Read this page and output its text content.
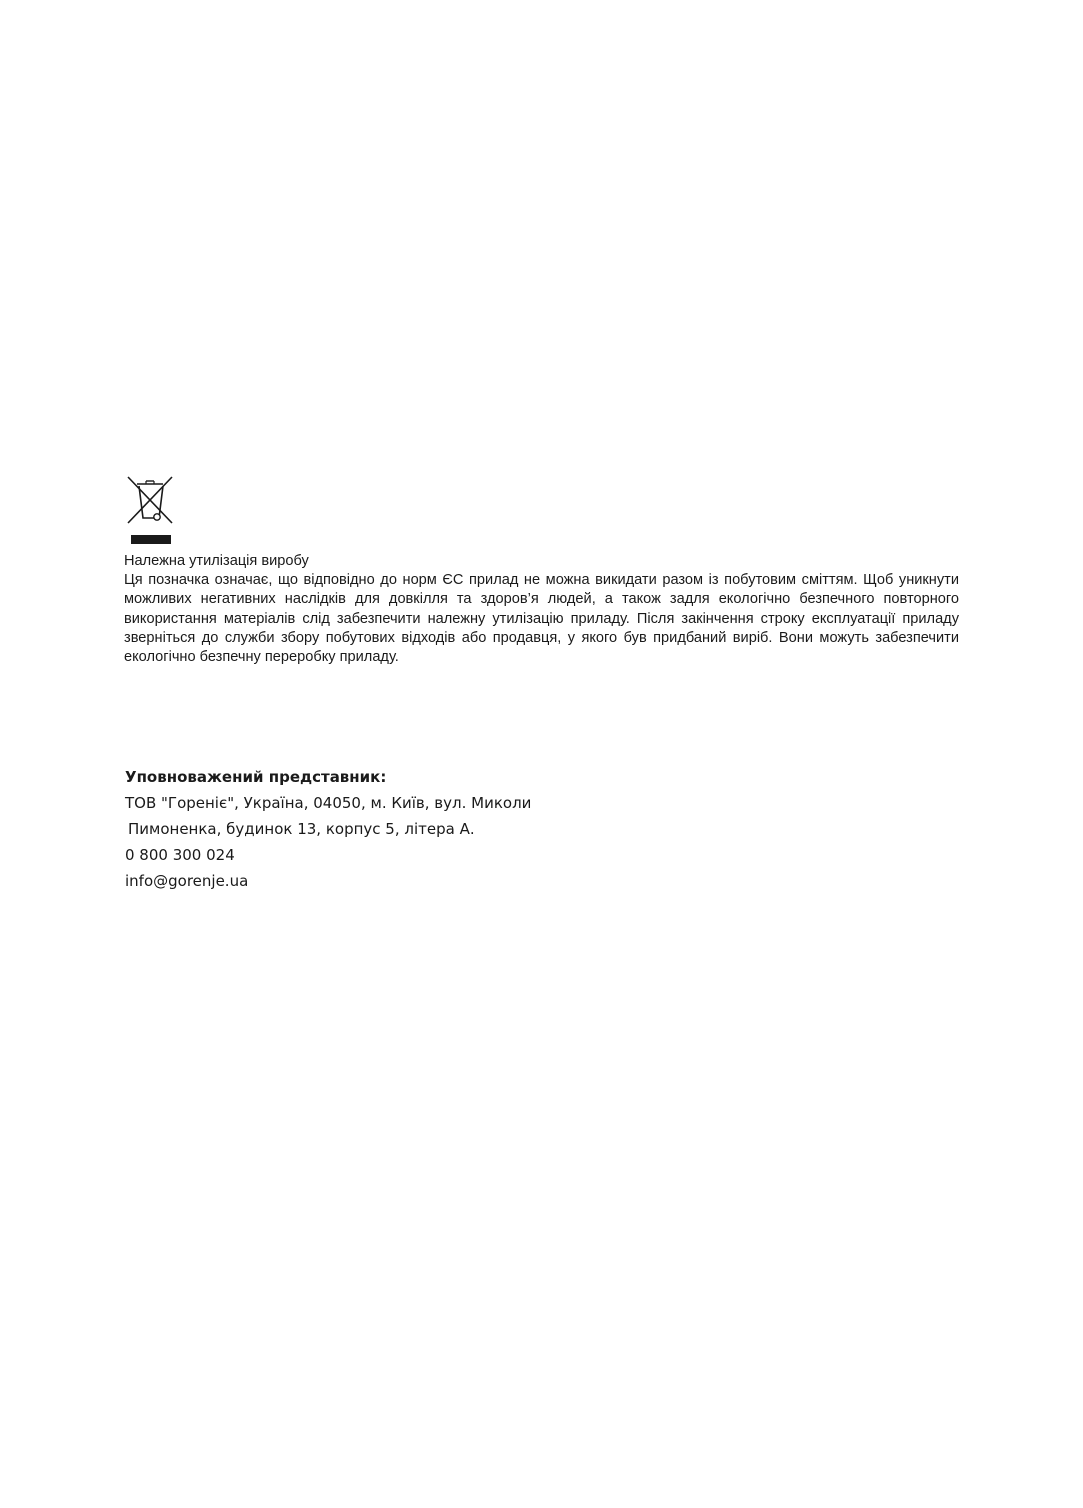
Належна утилізація виробу

Ця позначка означає, що відповідно до норм ЄС прилад не можна викидати разом із побутовим сміттям. Щоб уникнути можливих негативних наслідків для довкілля та здоров’я людей, а також задля екологічно безпечного повторного використання матеріалів слід забезпечити належну утилізацію приладу. Після закінчення строку експлуатації приладу зверніться до служби збору побутових відходів або продавця, у якого був придбаний виріб. Вони можуть забезпечити екологічно безпечну переробку приладу.

Уповноважений представник:

ТОВ "Гореніє", Україна, 04050, м. Київ, вул. Миколи

Пимоненка, будинок 13, корпус 5, літера А.

0 800 300 024

info@gorenje.ua
